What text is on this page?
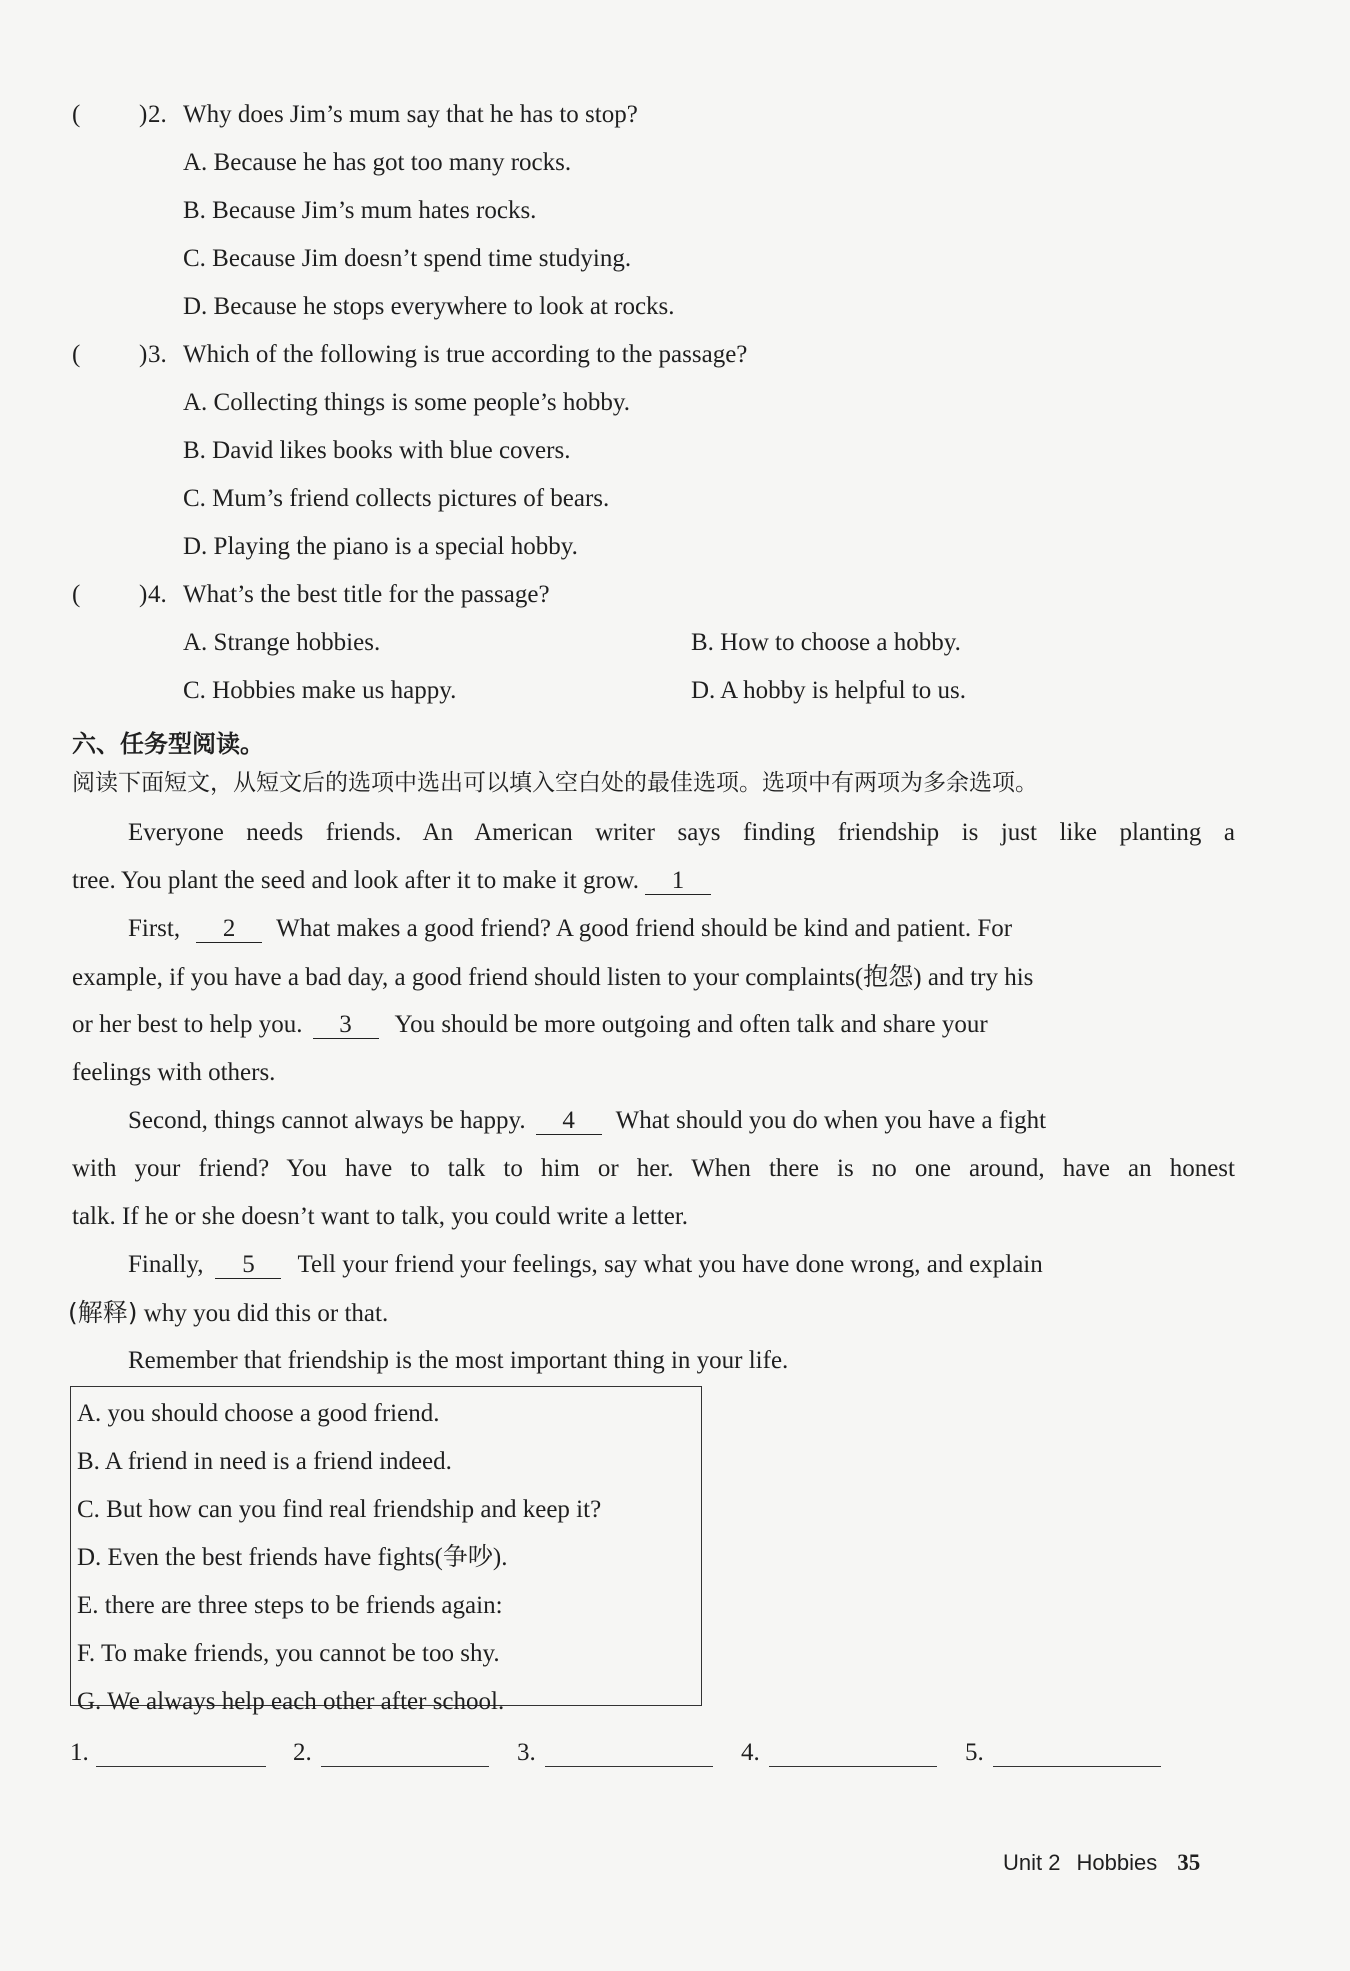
( ) 2. Why does Jim’s mum say that he has to stop?
A. Because he has got too many rocks.
B. Because Jim’s mum hates rocks.
C. Because Jim doesn’t spend time studying.
D. Because he stops everywhere to look at rocks.
( ) 3. Which of the following is true according to the passage?
A. Collecting things is some people’s hobby.
B. David likes books with blue covers.
C. Mum’s friend collects pictures of bears.
D. Playing the piano is a special hobby.
( ) 4. What’s the best title for the passage?
A. Strange hobbies.	B. How to choose a hobby.
C. Hobbies make us happy.	D. A hobby is helpful to us.
六、任务型阅读。
阅读下面短文，从短文后的选项中选出可以填入空白处的最佳选项。选项中有两项为多余选项。
Everyone needs friends. An American writer says finding friendship is just like planting a
tree. You plant the seed and look after it to make it grow. 1
First, 2 What makes a good friend? A good friend should be kind and patient. For
example, if you have a bad day, a good friend should listen to your complaints(抱怨) and try his
or her best to help you. 3 You should be more outgoing and often talk and share your
feelings with others.
Second, things cannot always be happy. 4 What should you do when you have a fight
with your friend? You have to talk to him or her. When there is no one around, have an honest
talk. If he or she doesn’t want to talk, you could write a letter.
Finally, 5 Tell your friend your feelings, say what you have done wrong, and explain
(解释) why you did this or that.
Remember that friendship is the most important thing in your life.
A. you should choose a good friend.
B. A friend in need is a friend indeed.
C. But how can you find real friendship and keep it?
D. Even the best friends have fights(争吵).
E. there are three steps to be friends again:
F. To make friends, you cannot be too shy.
G. We always help each other after school.
1.	2.	3.	4.	5.
Unit 2 Hobbies 35
